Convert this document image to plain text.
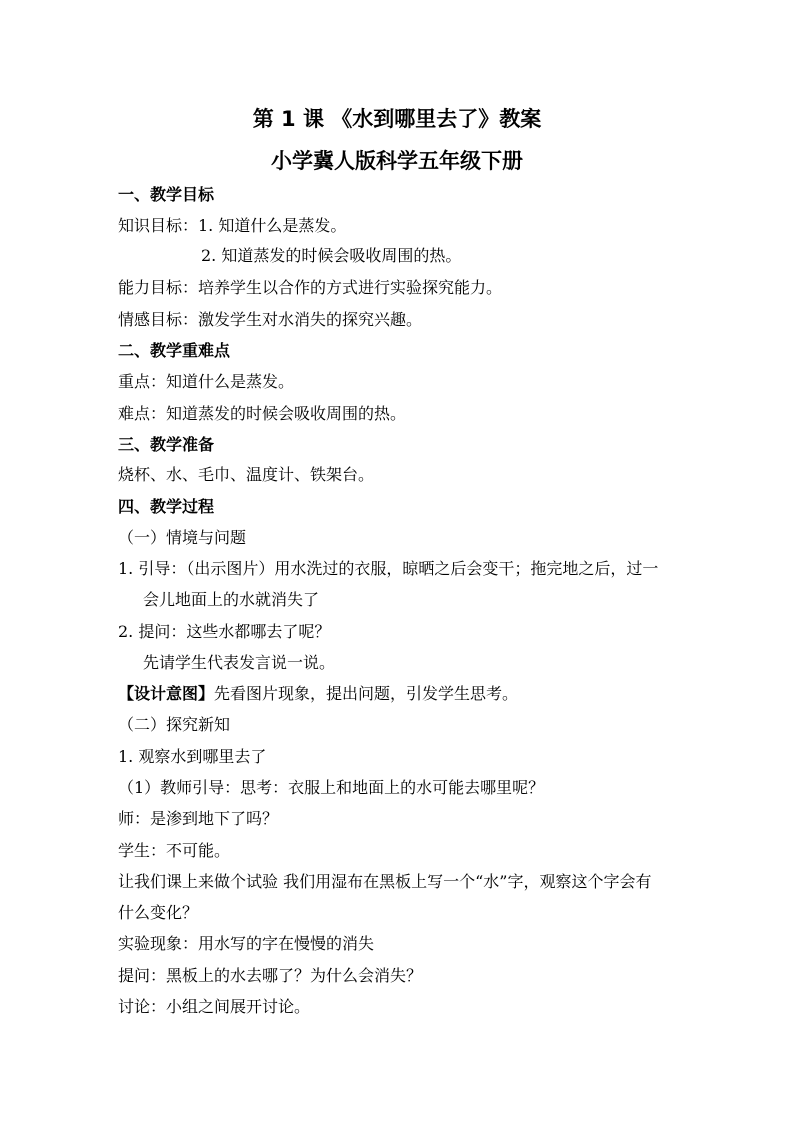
第 1 课 《水到哪里去了》教案
小学冀人版科学五年级下册
一、教学目标
知识目标：1. 知道什么是蒸发。
2. 知道蒸发的时候会吸收周围的热。
能力目标：培养学生以合作的方式进行实验探究能力。
情感目标：激发学生对水消失的探究兴趣。
二、教学重难点
重点：知道什么是蒸发。
难点：知道蒸发的时候会吸收周围的热。
三、教学准备
烧杯、水、毛巾、温度计、铁架台。
四、教学过程
（一）情境与问题
1. 引导：（出示图片）用水洗过的衣服，晾晒之后会变干；拖完地之后，过一
会儿地面上的水就消失了
2. 提问：这些水都哪去了呢？
先请学生代表发言说一说。
【设计意图】先看图片现象，提出问题，引发学生思考。
（二）探究新知
1. 观察水到哪里去了
（1）教师引导：思考：衣服上和地面上的水可能去哪里呢？
师：是渗到地下了吗？
学生：不可能。
让我们课上来做个试验 我们用湿布在黑板上写一个“水”字，观察这个字会有
什么变化？
实验现象：用水写的字在慢慢的消失
提问：黑板上的水去哪了？为什么会消失？
讨论：小组之间展开讨论。
